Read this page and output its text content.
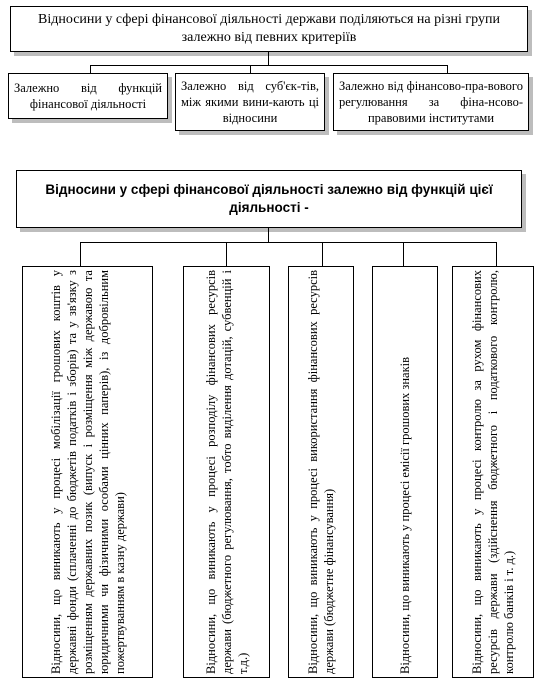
Відносини у сфері фінансової діяльності держави поділяються на різні групи залежно від певних критеріїв
Залежно від функцій фінансової діяльності
Залежно від суб'єк-тів, між якими вини-кають ці відносини
Залежно від фінансово-пра-вового регулювання за фіна-нсово-правовими інститутами
Відносини у сфері фінансової діяльності залежно від функцій цієї діяльності -
Відносини, що виникають у процесі мобілізації грошових коштів у державні фонди (сплаченні до бюджетів податків і зборів) та у зв'язку з розміщенням державних позик (випуск і розміщення між державою та юридичними чи фізичними особами цінних паперів), із добровільним пожертвуванням в казну держави)	Відносини, що виникають у процесі розподілу фінансових ресурсів держави (бюджетного регулювання, тобто виділення дотацій, субвенцій і т.д.)	Відносини, що виникають у процесі використання фінансових ресурсів держави (бюджетне фінансування)	Відносини, що виникають у процесі емісії грошових знаків	Відносини, що виникають у процесі контролю за рухом фінансових ресурсів держави (здійснення бюджетного і податкового контролю, контролю банків і т. д.)
